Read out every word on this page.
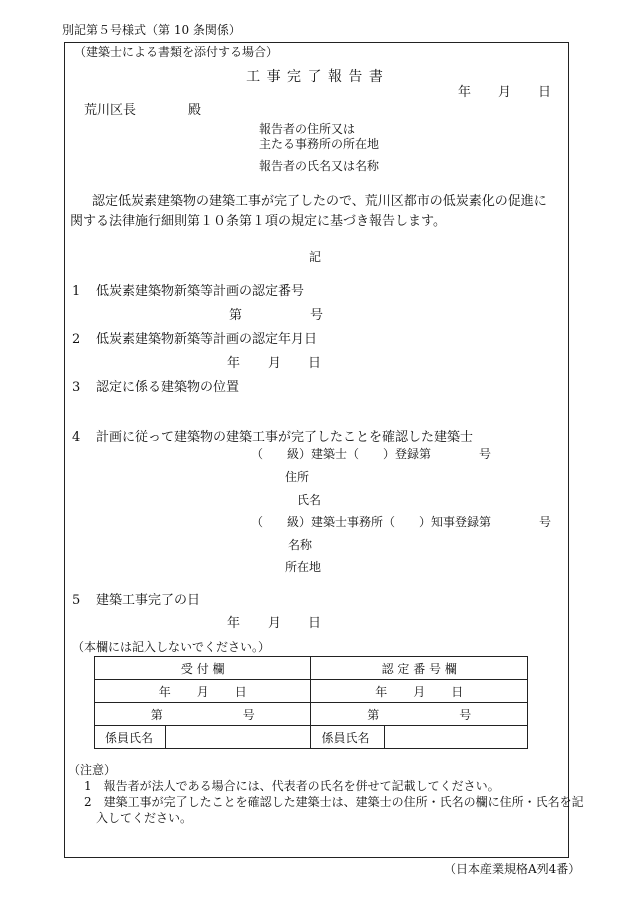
別記第５号様式（第 10 条関係）
（建築士による書類を添付する場合）
工 事 完 了 報 告 書
年 月 日
荒川区長	殿
報告者の住所又は
主たる事務所の所在地
報告者の氏名又は名称
認定低炭素建築物の建築工事が完了したので、荒川区都市の低炭素化の促進に
関する法律施行細則第１０条第１項の規定に基づき報告します。
記
1 低炭素建築物新築等計画の認定番号
第	号
2 低炭素建築物新築等計画の認定年月日
年 月 日
3 認定に係る建築物の位置
4 計画に従って建築物の建築工事が完了したことを確認した建築士
（　　級）建築士（　　）登録第　　　　号
住所
氏名
（　　級）建築士事務所（　　）知事登録第　　　　号
名称
所在地
5 建築工事完了の日
年 月 日
（本欄には記入しないでください。）
受 付 欄		認 定 番 号 欄	
年 月 日		年 月 日	
第 号		第 号	
係員氏名		係員氏名	
（注意）
1　報告者が法人である場合には、代表者の氏名を併せて記載してください。
2　建築工事が完了したことを確認した建築士は、建築士の住所・氏名の欄に住所・氏名を記
入してください。
（日本産業規格A列4番）
